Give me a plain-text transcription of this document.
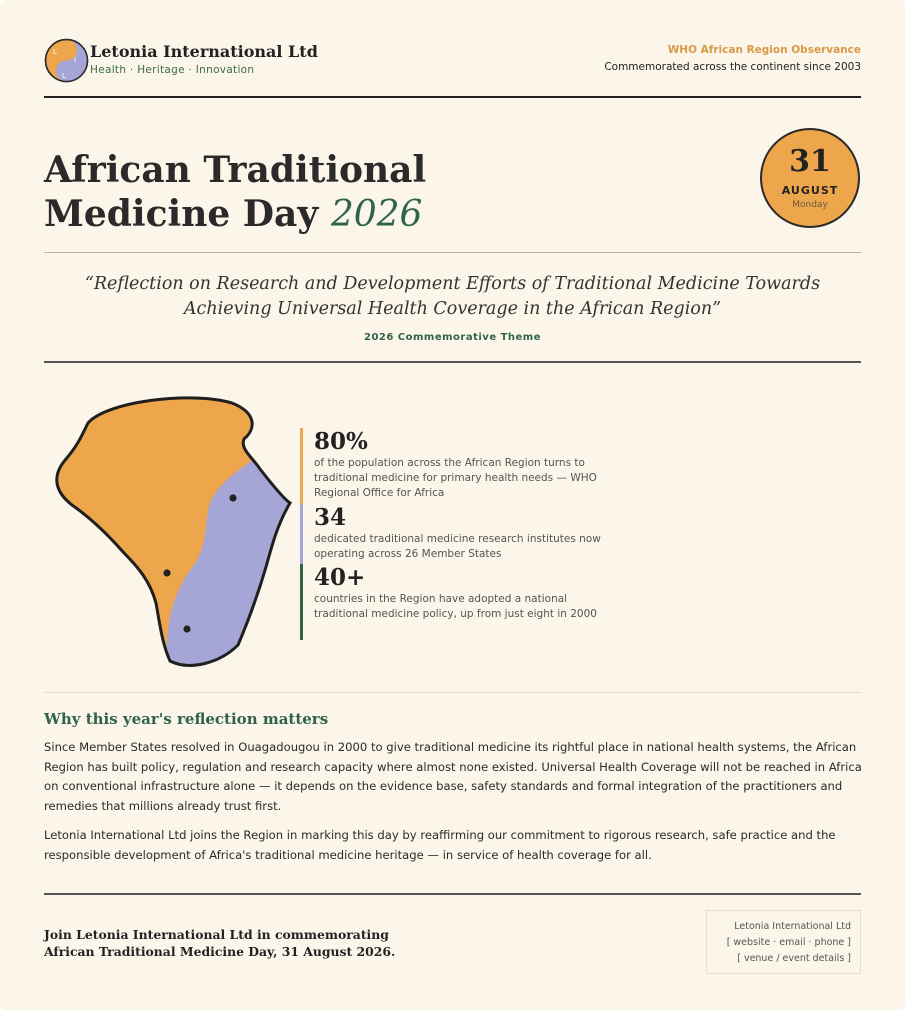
L
I
L
Letonia International Ltd
Health · Heritage · Innovation
WHO African Region Observance
Commemorated across the continent since 2003
African Traditional
Medicine Day 2026
31
AUGUST
Monday
“Reflection on Research and Development Efforts of Traditional Medicine Towards Achieving Universal Health Coverage in the African Region”
2026 Commemorative Theme
80%
of the population across the African Region turns to traditional medicine for primary health needs — WHO Regional Office for Africa
34
dedicated traditional medicine research institutes now operating across 26 Member States
40+
countries in the Region have adopted a national traditional medicine policy, up from just eight in 2000
Why this year's reflection matters
Since Member States resolved in Ouagadougou in 2000 to give traditional medicine its rightful place in national health systems, the African Region has built policy, regulation and research capacity where almost none existed. Universal Health Coverage will not be reached in Africa on conventional infrastructure alone — it depends on the evidence base, safety standards and formal integration of the practitioners and remedies that millions already trust first.
Letonia International Ltd joins the Region in marking this day by reaffirming our commitment to rigorous research, safe practice and the responsible development of Africa's traditional medicine heritage — in service of health coverage for all.
Join Letonia International Ltd in commemorating
African Traditional Medicine Day, 31 August 2026.
Letonia International Ltd
[ website · email · phone ]
[ venue / event details ]
